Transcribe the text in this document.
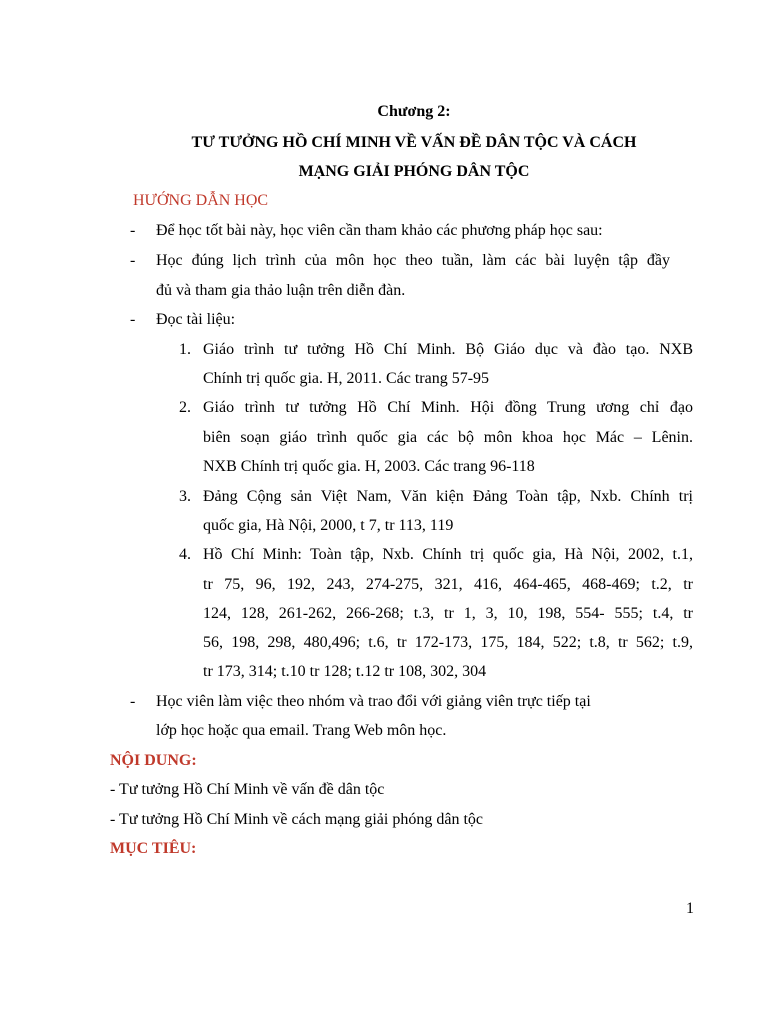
Chương 2:
TƯ TƯỞNG HỒ CHÍ MINH VỀ VẤN ĐỀ DÂN TỘC VÀ CÁCH
MẠNG GIẢI PHÓNG DÂN TỘC
HƯỚNG DẪN HỌC
- Để học tốt bài này, học viên cần tham khảo các phương pháp học sau:
- Học đúng lịch trình của môn học theo tuần, làm các bài luyện tập đầy
đủ và tham gia thảo luận trên diễn đàn.
- Đọc tài liệu:
1. Giáo trình tư tưởng Hồ Chí Minh. Bộ Giáo dục và đào tạo. NXB
Chính trị quốc gia. H, 2011. Các trang 57-95
2. Giáo trình tư tưởng Hồ Chí Minh. Hội đồng Trung ương chỉ đạo
biên soạn giáo trình quốc gia các bộ môn khoa học Mác – Lênin.
NXB Chính trị quốc gia. H, 2003. Các trang 96-118
3. Đảng Cộng sản Việt Nam, Văn kiện Đảng Toàn tập, Nxb. Chính trị
quốc gia, Hà Nội, 2000, t 7, tr 113, 119
4. Hồ Chí Minh: Toàn tập, Nxb. Chính trị quốc gia, Hà Nội, 2002, t.1,
tr 75, 96, 192, 243, 274-275, 321, 416, 464-465, 468-469; t.2, tr
124, 128, 261-262, 266-268; t.3, tr 1, 3, 10, 198, 554- 555; t.4, tr
56, 198, 298, 480,496; t.6, tr 172-173, 175, 184, 522; t.8, tr 562; t.9,
tr 173, 314; t.10 tr 128; t.12 tr 108, 302, 304
- Học viên làm việc theo nhóm và trao đổi với giảng viên trực tiếp tại
lớp học hoặc qua email. Trang Web môn học.
NỘI DUNG:
- Tư tưởng Hồ Chí Minh về vấn đề dân tộc
- Tư tưởng Hồ Chí Minh về cách mạng giải phóng dân tộc
MỤC TIÊU:
1
